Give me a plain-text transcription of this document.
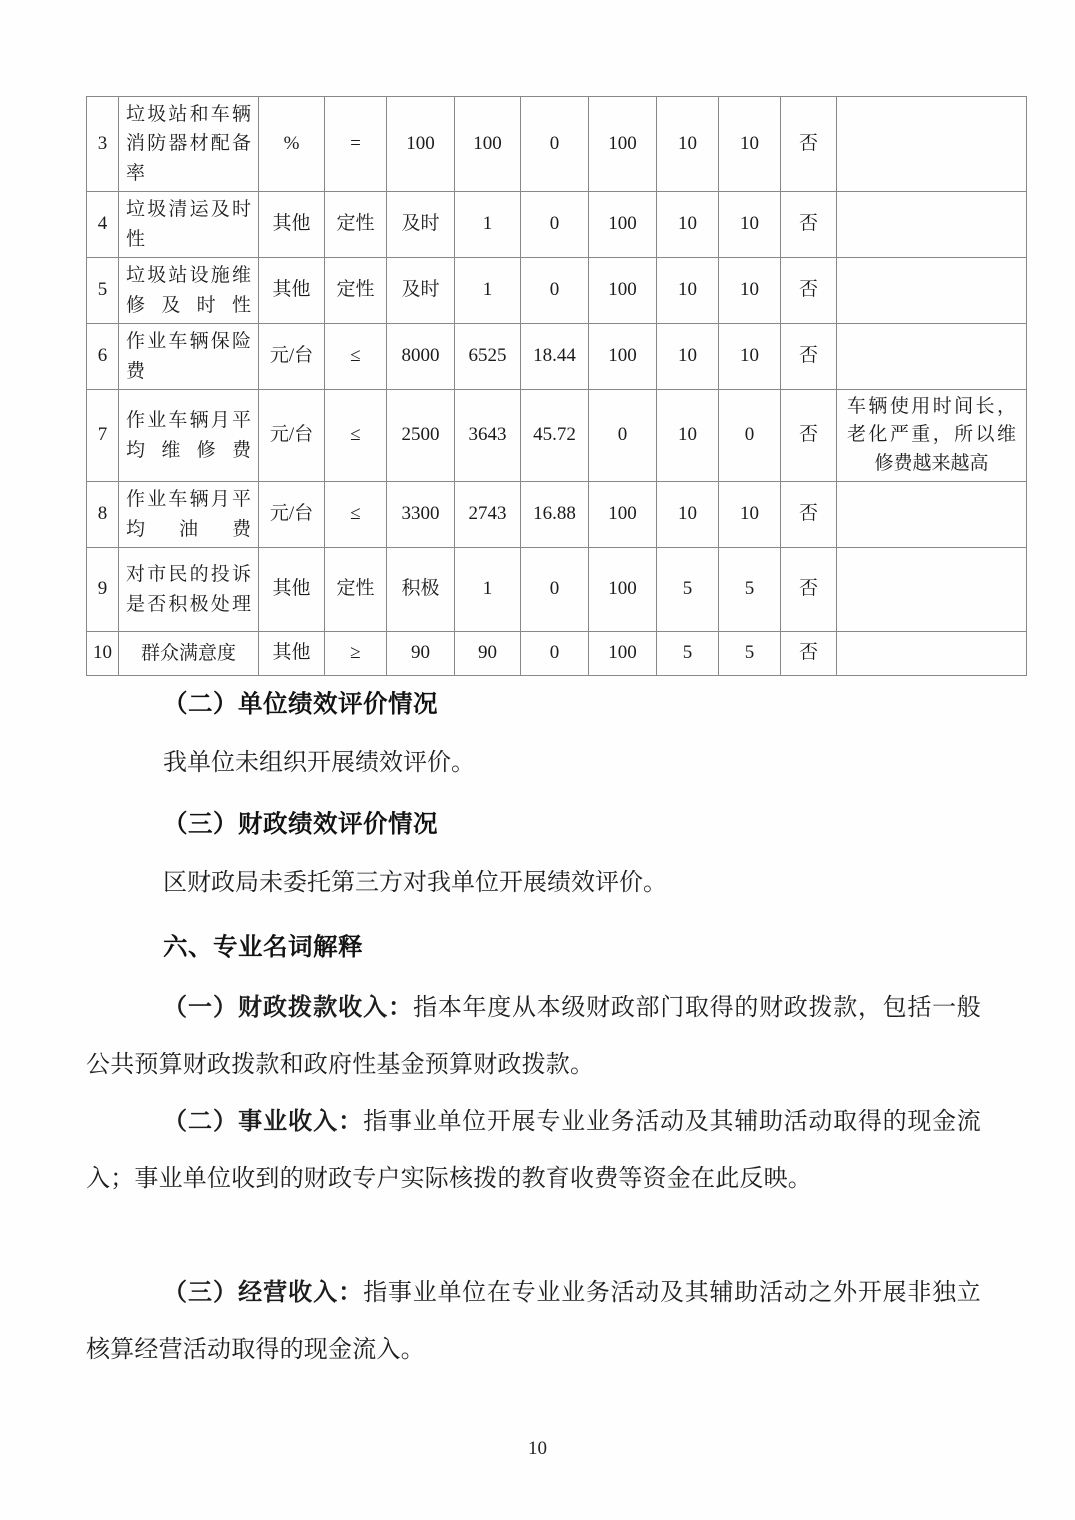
3	垃圾站和车辆消防器材配备率	%	=	100	100	0	100	10	10	否	

4	垃圾清运及时性	其他	定性	及时	1	0	100	10	10	否	

5	垃圾站设施维修及时性	其他	定性	及时	1	0	100	10	10	否	

6	作业车辆保险费	元/台	≤	8000	6525	18.44	100	10	10	否	

7	作业车辆月平均维修费	元/台	≤	2500	3643	45.72	0	10	0	否	车辆使用时间长，老化严重，所以维修费越来越高

8	作业车辆月平均油费	元/台	≤	3300	2743	16.88	100	10	10	否	

9	对市民的投诉是否积极处理	其他	定性	积极	1	0	100	5	5	否	

10	群众满意度	其他	≥	90	90	0	100	5	5	否	
（二）单位绩效评价情况
我单位未组织开展绩效评价。
（三）财政绩效评价情况
区财政局未委托第三方对我单位开展绩效评价。
六、专业名词解释
（一）财政拨款收入：指本年度从本级财政部门取得的财政拨款，包括一般公共预算财政拨款和政府性基金预算财政拨款。
（二）事业收入：指事业单位开展专业业务活动及其辅助活动取得的现金流入；事业单位收到的财政专户实际核拨的教育收费等资金在此反映。
（三）经营收入：指事业单位在专业业务活动及其辅助活动之外开展非独立核算经营活动取得的现金流入。
10
